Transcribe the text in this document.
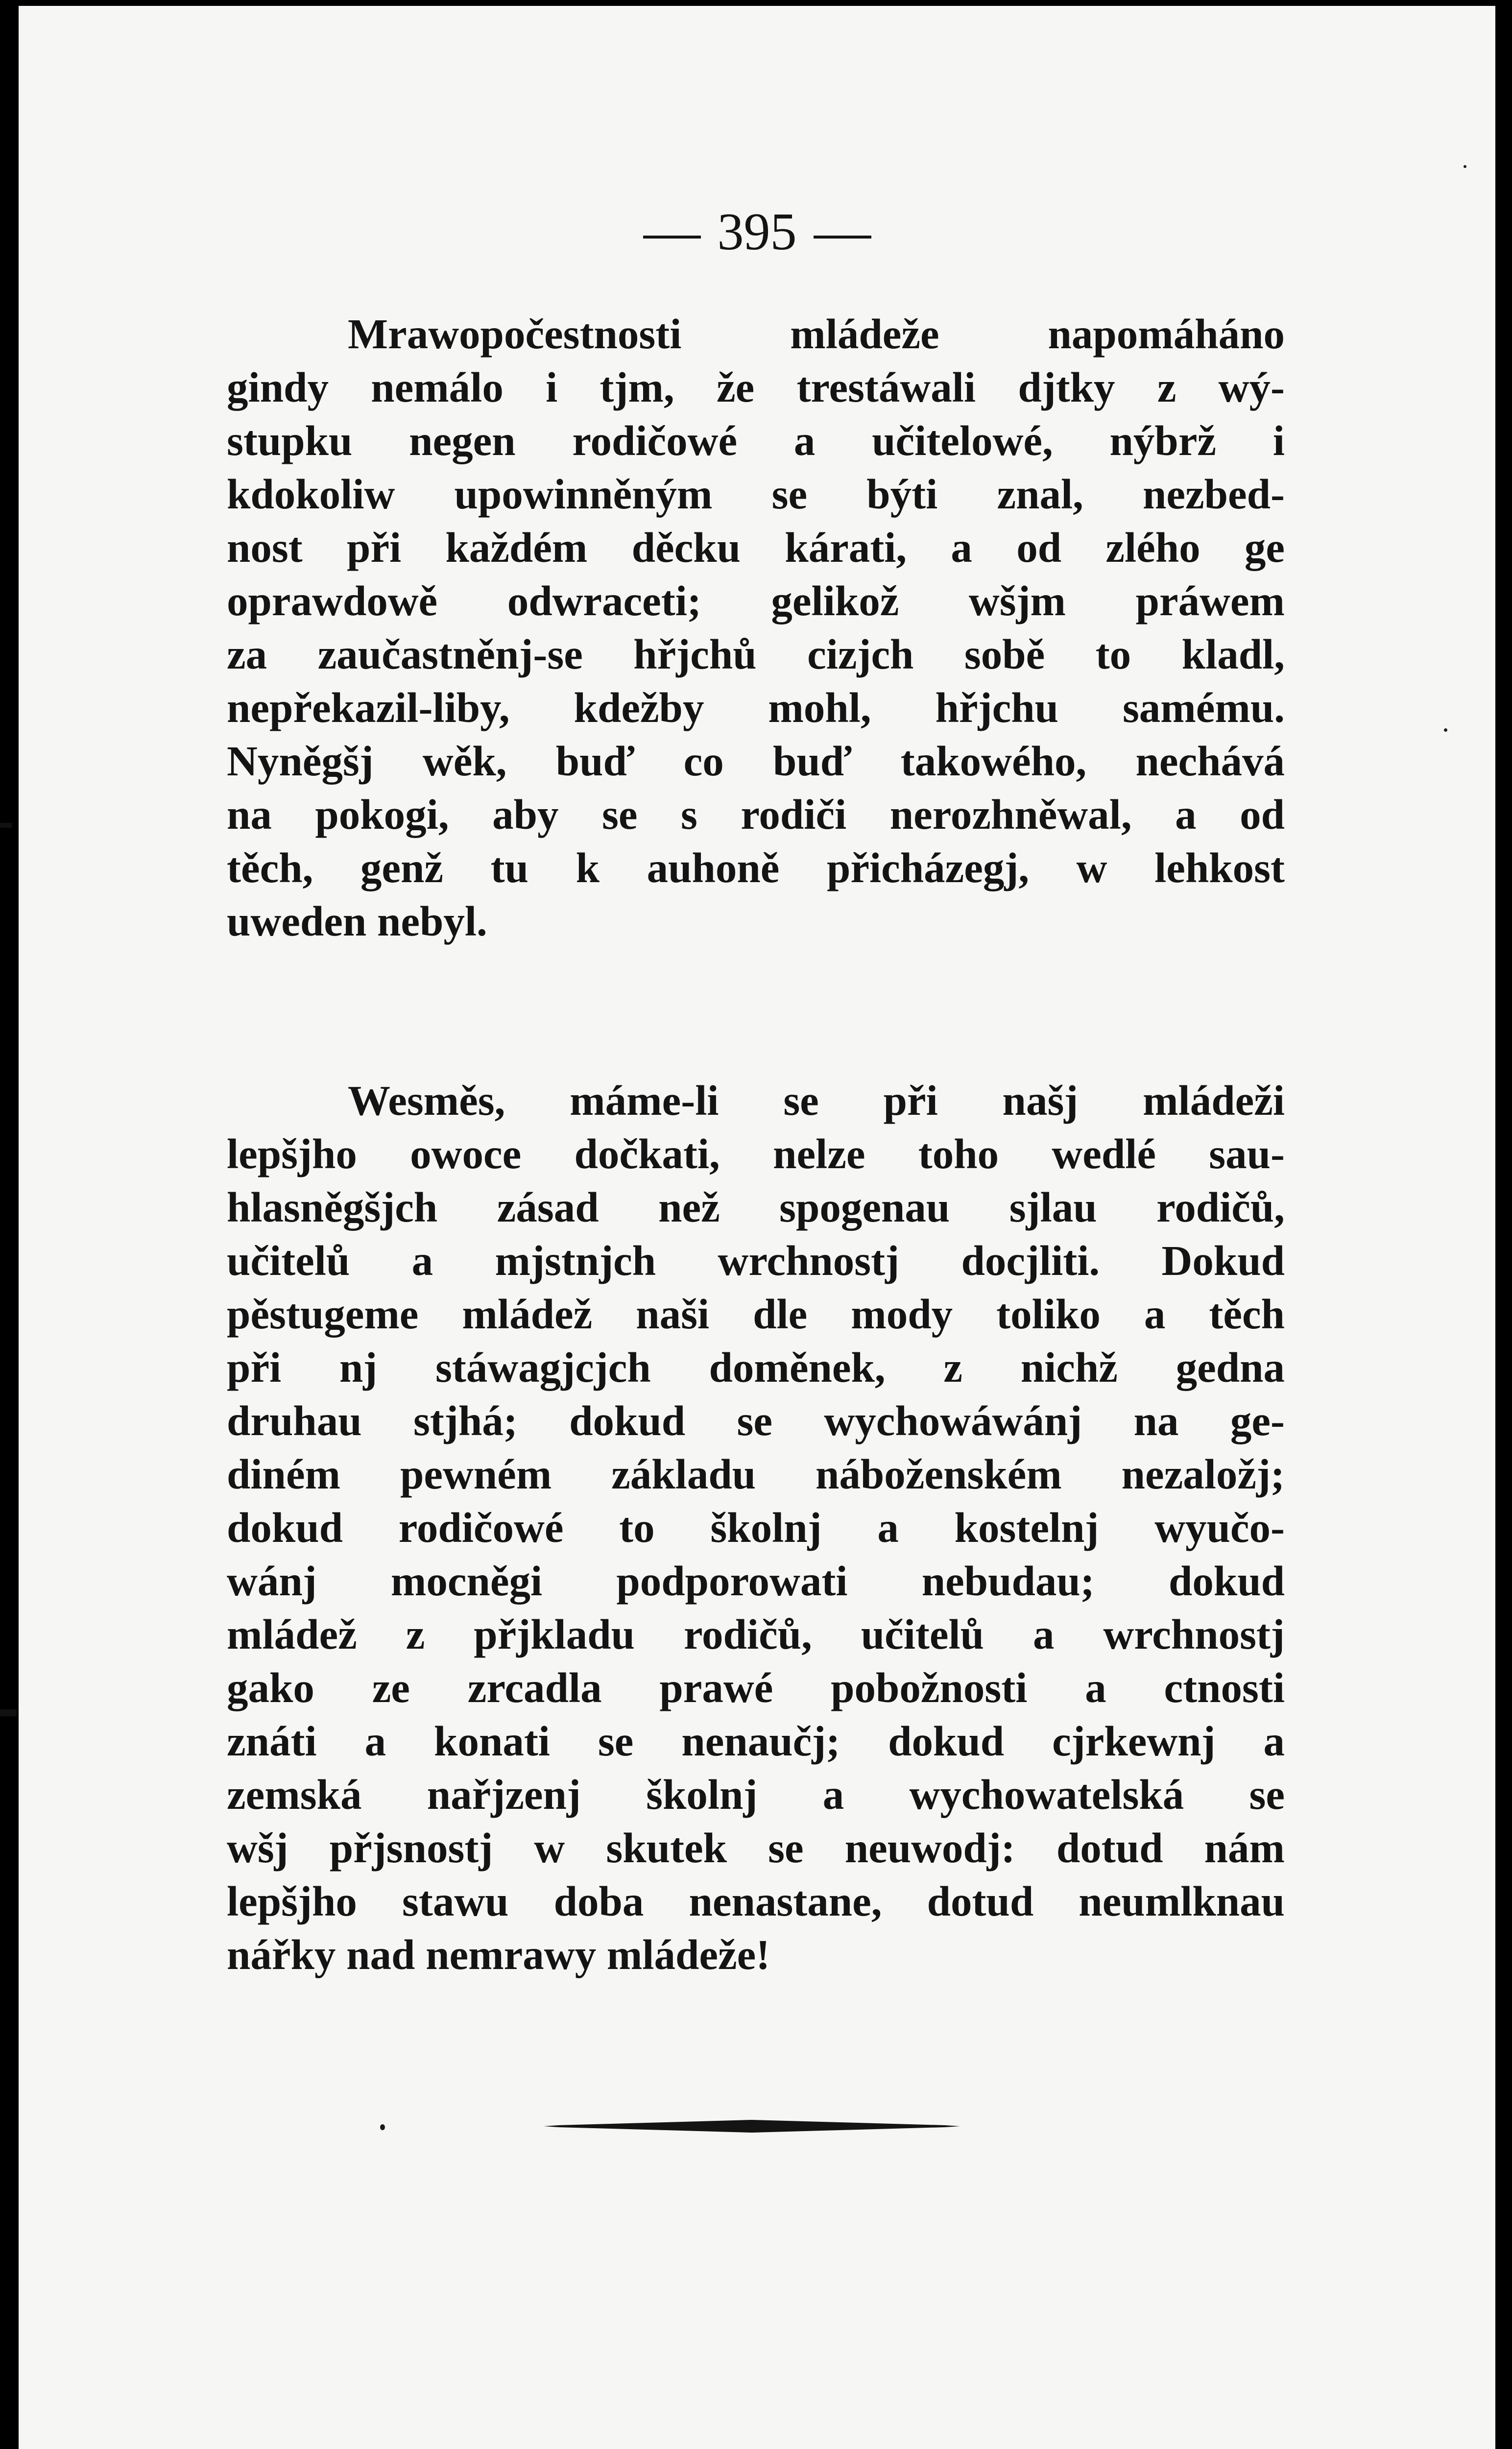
395
Mrawopočestnosti mládeže napomáháno
gindy nemálo i tjm, že trestáwali djtky z wý-
stupku negen rodičowé a učitelowé, nýbrž i
kdokoliw upowinněným se býti znal, nezbed-
nost při každém děcku kárati, a od zlého ge
oprawdowě odwraceti; gelikož wšjm práwem
za zaučastněnj-se hřjchů cizjch sobě to kladl,
nepřekazil-liby, kdežby mohl, hřjchu samému.
Nyněgšj wěk, buď co buď takowého, nechává
na pokogi, aby se s rodiči nerozhněwal, a od
těch, genž tu k auhoně přicházegj, w lehkost
uweden nebyl.
Wesměs, máme-li se při našj mládeži
lepšjho owoce dočkati, nelze toho wedlé sau-
hlasněgšjch zásad než spogenau sjlau rodičů,
učitelů a mjstnjch wrchnostj docjliti. Dokud
pěstugeme mládež naši dle mody toliko a těch
při nj stáwagjcjch doměnek, z nichž gedna
druhau stjhá; dokud se wychowáwánj na ge-
diném pewném základu náboženském nezaložj;
dokud rodičowé to školnj a kostelnj wyučo-
wánj mocněgi podporowati nebudau; dokud
mládež z přjkladu rodičů, učitelů a wrchnostj
gako ze zrcadla prawé pobožnosti a ctnosti
znáti a konati se nenaučj; dokud cjrkewnj a
zemská nařjzenj školnj a wychowatelská se
wšj přjsnostj w skutek se neuwodj: dotud nám
lepšjho stawu doba nenastane, dotud neumlknau
nářky nad nemrawy mládeže!
